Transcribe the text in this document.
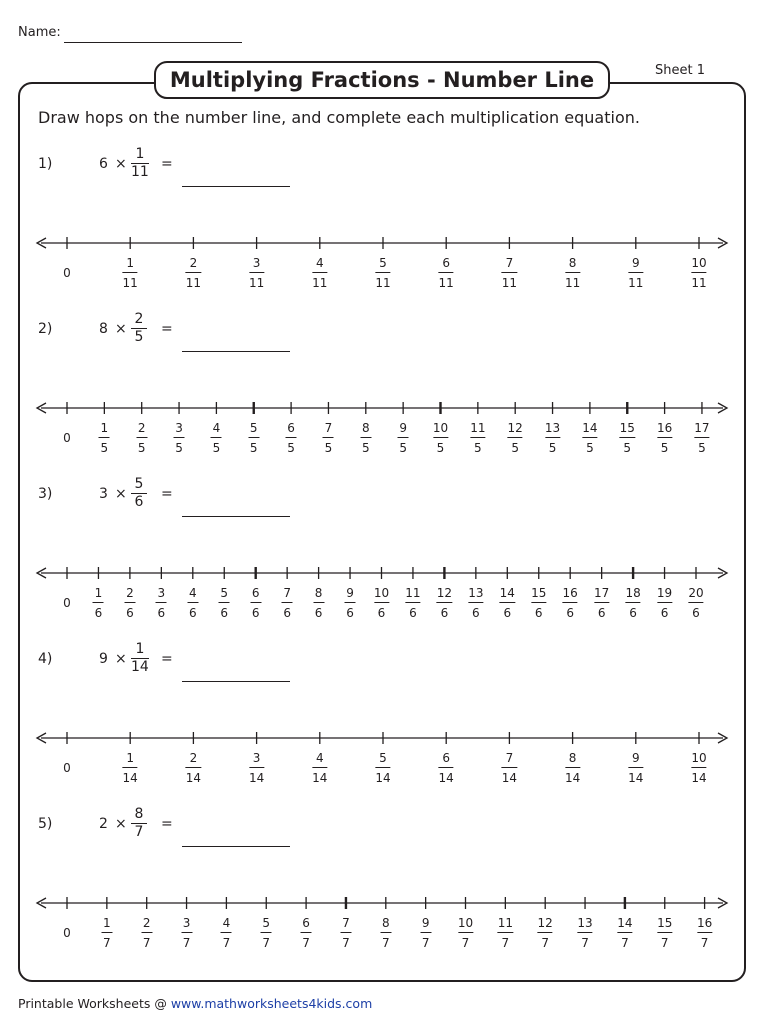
Name:
Multiplying Fractions - Number Line	Sheet 1
Draw hops on the number line, and complete each multiplication equation.
1)	6 ×
1
11 =
0
1
11
2
11
3
11
4
11
5
11
6
11
7
11
8
11
9
11
10
11
2)	8 ×
2
5 =
0
1
5
2
5
3
5
4
5
5
5
6
5
7
5
8
5
9
5
10
5
11
5
12
5
13
5
14
5
15
5
16
5
17
5
3)	3 ×
5
6 =
0
1
6
2
6
3
6
4
6
5
6
6
6
7
6
8
6
9
6
10
6
11
6
12
6
13
6
14
6
15
6
16
6
17
6
18
6
19
6
20
6
4)	9 ×
1
14 =
0
1
14
2
14
3
14
4
14
5
14
6
14
7
14
8
14
9
14
10
14
5)	2 ×
8
7 =
0
1
7
2
7
3
7
4
7
5
7
6
7
7
7
8
7
9
7
10
7
11
7
12
7
13
7
14
7
15
7
16
7
Printable Worksheets @ www.mathworksheets4kids.com
